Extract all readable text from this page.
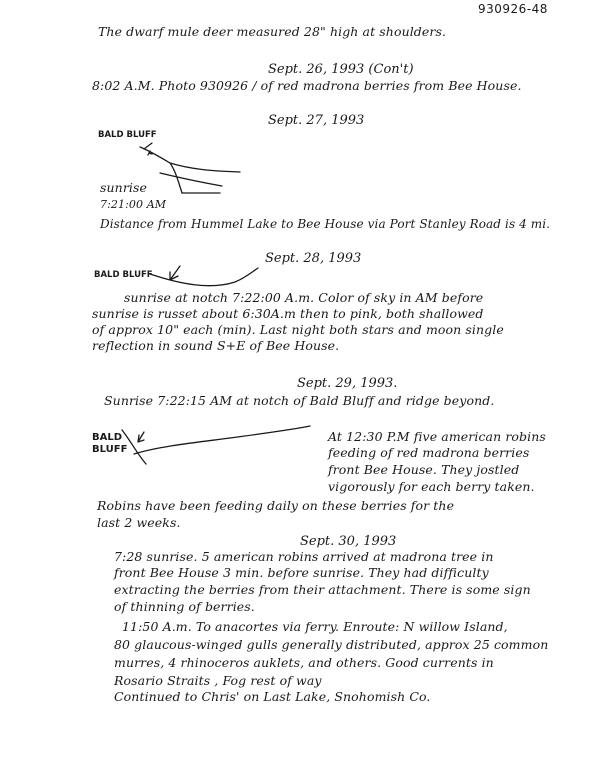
930926-48
The dwarf mule deer measured 28" high at shoulders.
Sept. 26, 1993 (Con't)
8:02 A.M. Photo 930926 / of red madrona berries from Bee House.
Sept. 27, 1993
BALD BLUFF
sunrise
7:21:00 AM
Distance from Hummel Lake to Bee House via Port Stanley Road is 4 mi.
Sept. 28, 1993
BALD BLUFF
sunrise at notch 7:22:00 A.m. Color of sky in AM before
sunrise is russet about 6:30A.m then to pink, both shallowed
of approx 10" each (min). Last night both stars and moon single
reflection in sound S+E of Bee House.
Sept. 29, 1993.
Sunrise 7:22:15 AM at notch of Bald Bluff and ridge beyond.
BALD
BLUFF
At 12:30 P.M five american robins
feeding of red madrona berries
front Bee House. They jostled
vigorously for each berry taken.
Robins have been feeding daily on these berries for the
last 2 weeks.
Sept. 30, 1993
7:28 sunrise. 5 american robins arrived at madrona tree in
front Bee House 3 min. before sunrise. They had difficulty
extracting the berries from their attachment. There is some sign
of thinning of berries.
11:50 A.m. To anacortes via ferry. Enroute: N willow Island,
80 glaucous-winged gulls generally distributed, approx 25 common
murres, 4 rhinoceros auklets, and others. Good currents in
Rosario Straits , Fog rest of way
Continued to Chris' on Last Lake, Snohomish Co.
